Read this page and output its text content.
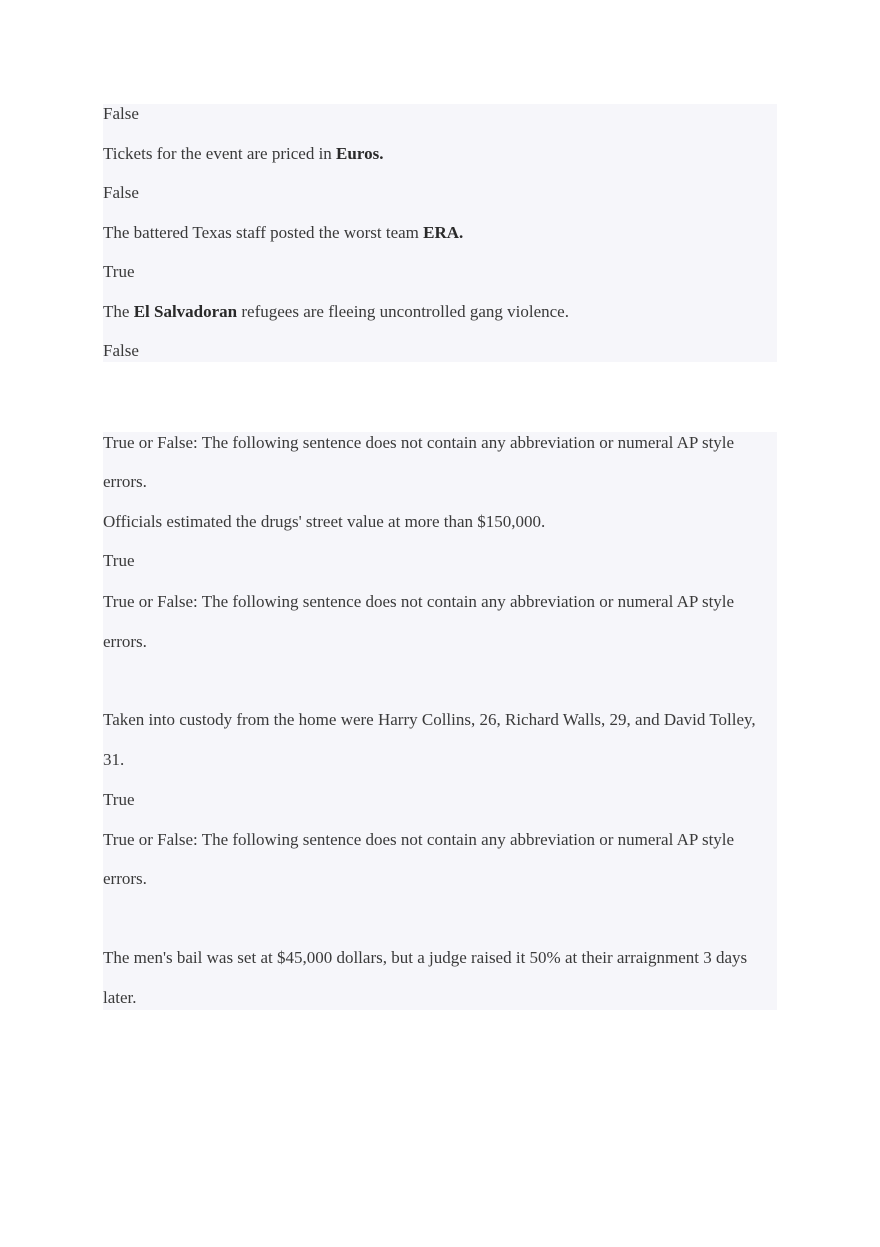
False
Tickets for the event are priced in Euros.
False
The battered Texas staff posted the worst team ERA.
True
The El Salvadoran refugees are fleeing uncontrolled gang violence.
False
True or False: The following sentence does not contain any abbreviation or numeral AP style
errors.
Officials estimated the drugs' street value at more than $150,000.
True
True or False: The following sentence does not contain any abbreviation or numeral AP style
errors.
Taken into custody from the home were Harry Collins, 26, Richard Walls, 29, and David Tolley,
31.
True
True or False: The following sentence does not contain any abbreviation or numeral AP style
errors.
The men's bail was set at $45,000 dollars, but a judge raised it 50% at their arraignment 3 days
later.
